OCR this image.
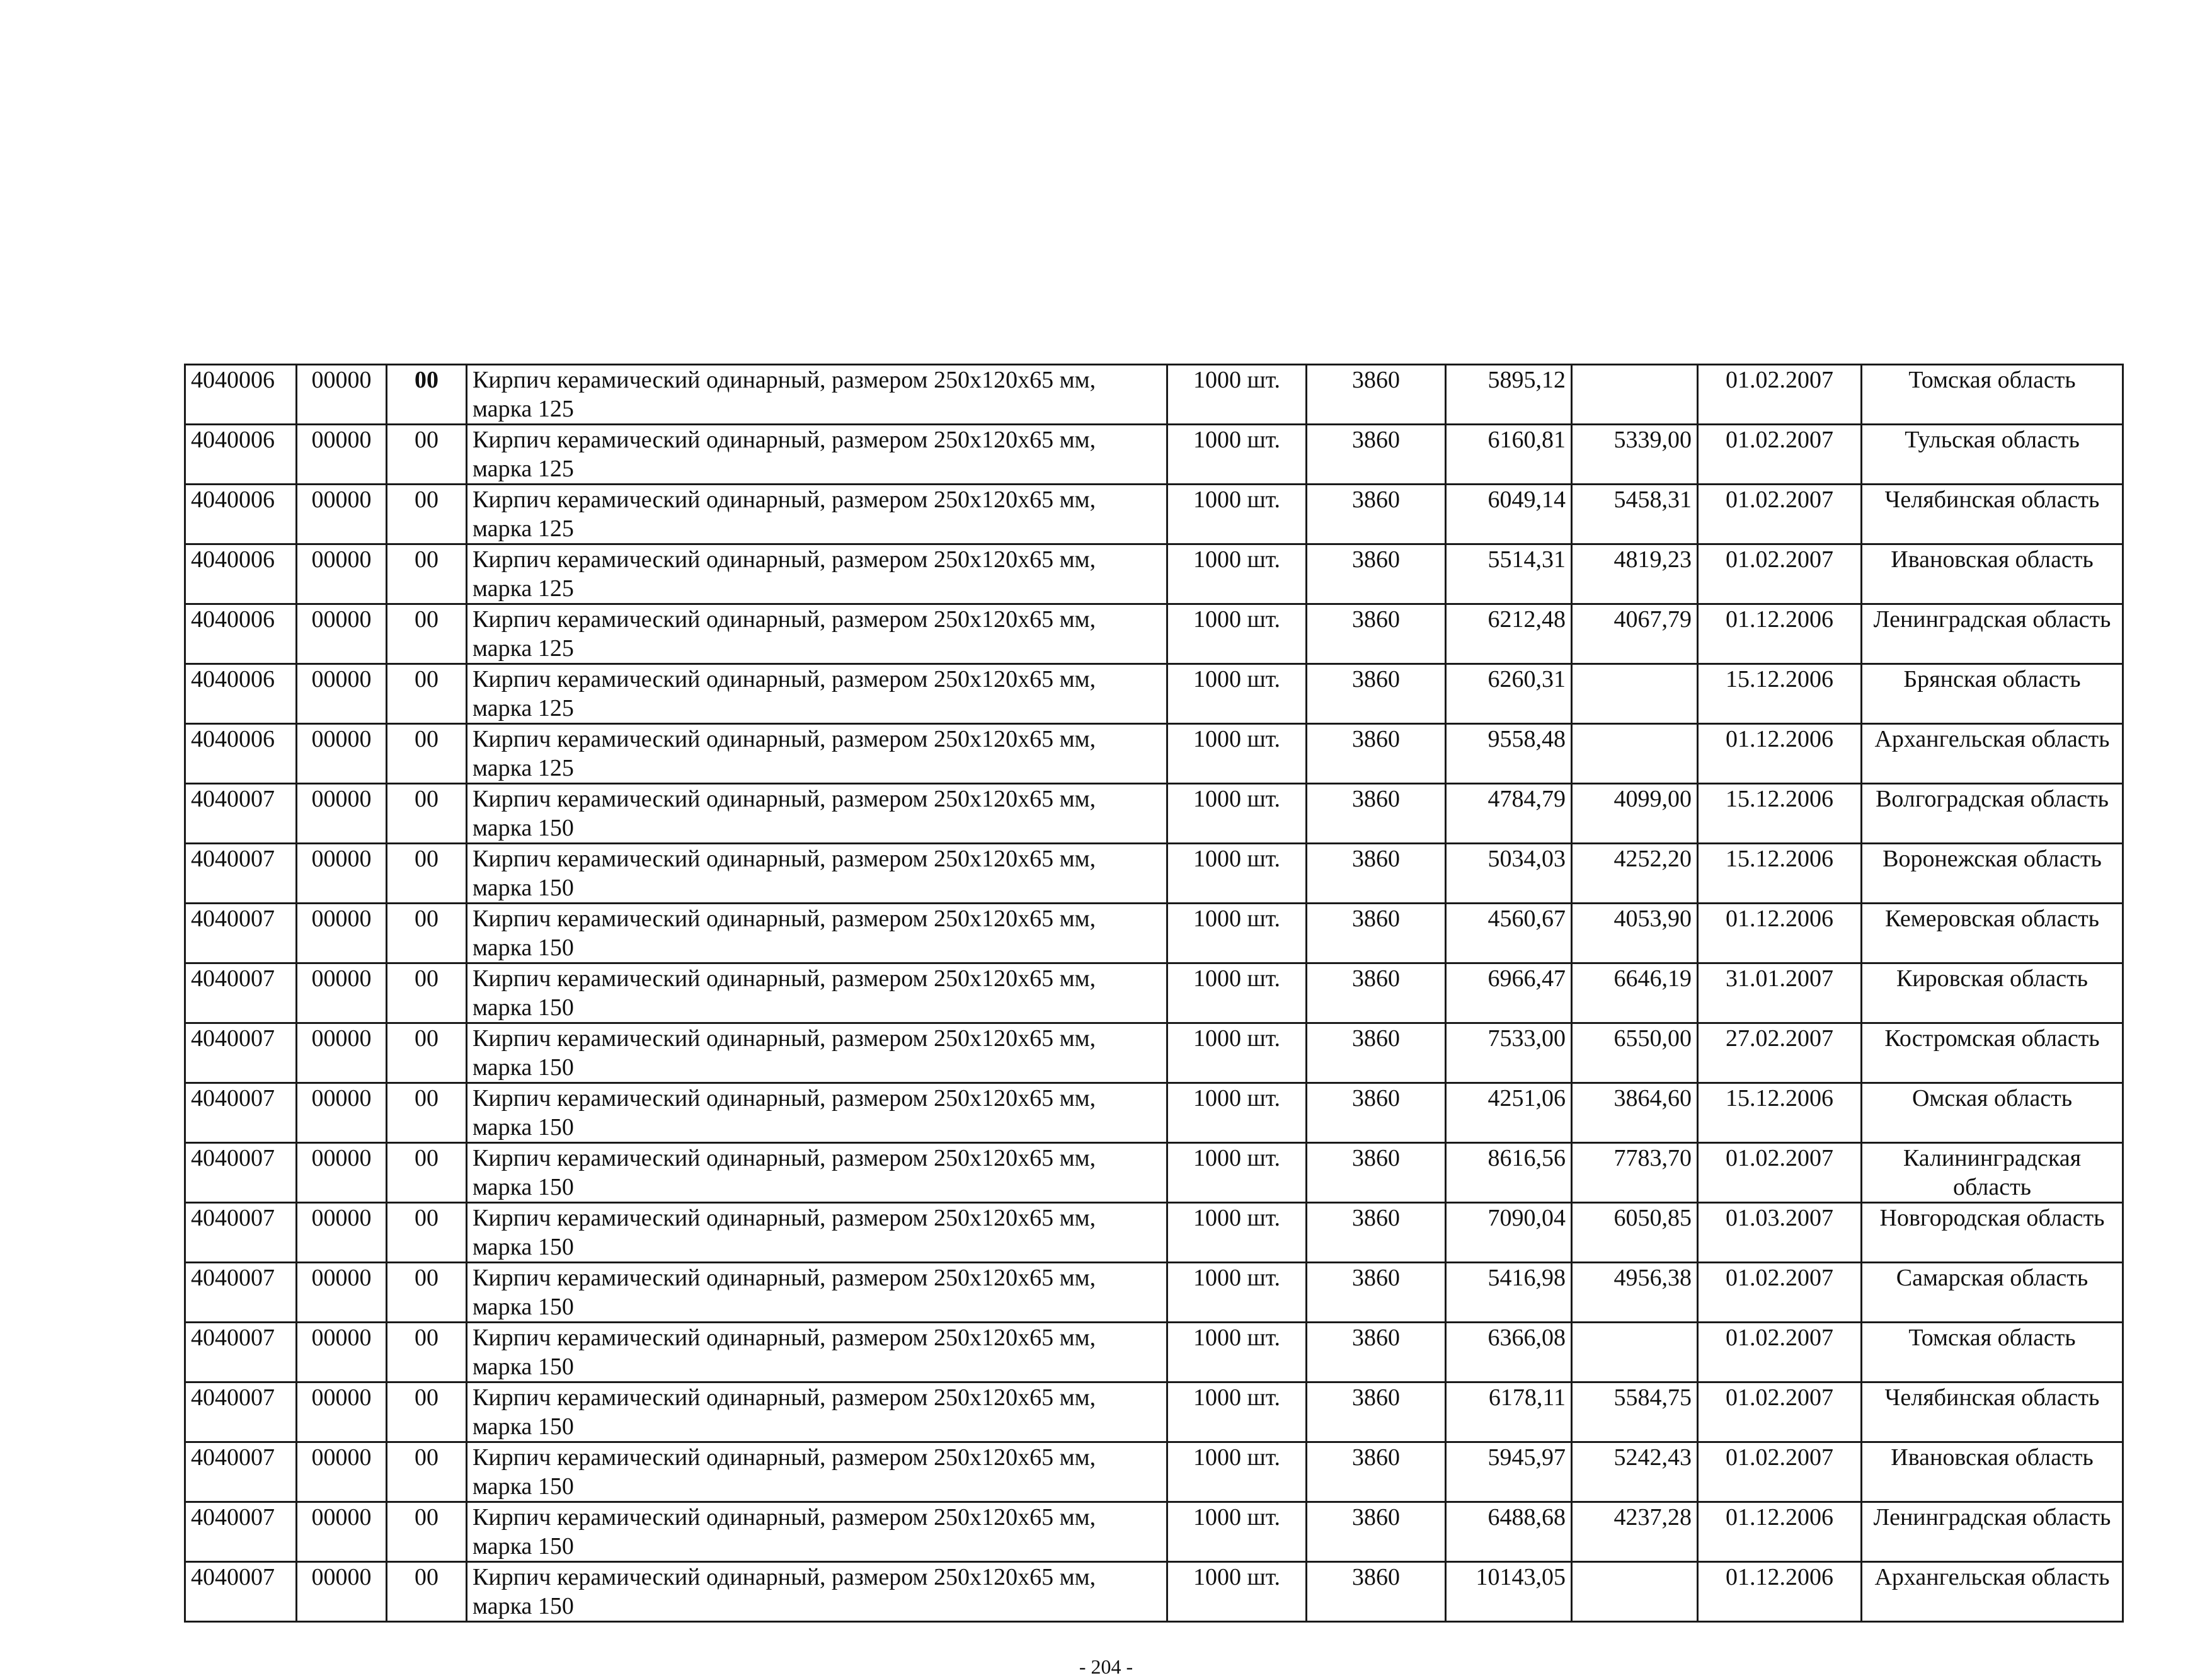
4040006	00000	00	Кирпич керамический одинарный, размером 250х120х65 мм, марка 125	1000 шт.	3860	5895,12		01.02.2007	Томская область
4040006	00000	00	Кирпич керамический одинарный, размером 250х120х65 мм, марка 125	1000 шт.	3860	6160,81	5339,00	01.02.2007	Тульская область
4040006	00000	00	Кирпич керамический одинарный, размером 250х120х65 мм, марка 125	1000 шт.	3860	6049,14	5458,31	01.02.2007	Челябинская область
4040006	00000	00	Кирпич керамический одинарный, размером 250х120х65 мм, марка 125	1000 шт.	3860	5514,31	4819,23	01.02.2007	Ивановская область
4040006	00000	00	Кирпич керамический одинарный, размером 250х120х65 мм, марка 125	1000 шт.	3860	6212,48	4067,79	01.12.2006	Ленинградская область
4040006	00000	00	Кирпич керамический одинарный, размером 250х120х65 мм, марка 125	1000 шт.	3860	6260,31		15.12.2006	Брянская область
4040006	00000	00	Кирпич керамический одинарный, размером 250х120х65 мм, марка 125	1000 шт.	3860	9558,48		01.12.2006	Архангельская область
4040007	00000	00	Кирпич керамический одинарный, размером 250х120х65 мм, марка 150	1000 шт.	3860	4784,79	4099,00	15.12.2006	Волгоградская область
4040007	00000	00	Кирпич керамический одинарный, размером 250х120х65 мм, марка 150	1000 шт.	3860	5034,03	4252,20	15.12.2006	Воронежская область
4040007	00000	00	Кирпич керамический одинарный, размером 250х120х65 мм, марка 150	1000 шт.	3860	4560,67	4053,90	01.12.2006	Кемеровская область
4040007	00000	00	Кирпич керамический одинарный, размером 250х120х65 мм, марка 150	1000 шт.	3860	6966,47	6646,19	31.01.2007	Кировская область
4040007	00000	00	Кирпич керамический одинарный, размером 250х120х65 мм, марка 150	1000 шт.	3860	7533,00	6550,00	27.02.2007	Костромская область
4040007	00000	00	Кирпич керамический одинарный, размером 250х120х65 мм, марка 150	1000 шт.	3860	4251,06	3864,60	15.12.2006	Омская область
4040007	00000	00	Кирпич керамический одинарный, размером 250х120х65 мм, марка 150	1000 шт.	3860	8616,56	7783,70	01.02.2007	Калининградская область
4040007	00000	00	Кирпич керамический одинарный, размером 250х120х65 мм, марка 150	1000 шт.	3860	7090,04	6050,85	01.03.2007	Новгородская область
4040007	00000	00	Кирпич керамический одинарный, размером 250х120х65 мм, марка 150	1000 шт.	3860	5416,98	4956,38	01.02.2007	Самарская область
4040007	00000	00	Кирпич керамический одинарный, размером 250х120х65 мм, марка 150	1000 шт.	3860	6366,08		01.02.2007	Томская область
4040007	00000	00	Кирпич керамический одинарный, размером 250х120х65 мм, марка 150	1000 шт.	3860	6178,11	5584,75	01.02.2007	Челябинская область
4040007	00000	00	Кирпич керамический одинарный, размером 250х120х65 мм, марка 150	1000 шт.	3860	5945,97	5242,43	01.02.2007	Ивановская область
4040007	00000	00	Кирпич керамический одинарный, размером 250х120х65 мм, марка 150	1000 шт.	3860	6488,68	4237,28	01.12.2006	Ленинградская область
4040007	00000	00	Кирпич керамический одинарный, размером 250х120х65 мм, марка 150	1000 шт.	3860	10143,05		01.12.2006	Архангельская область
- 204 -
